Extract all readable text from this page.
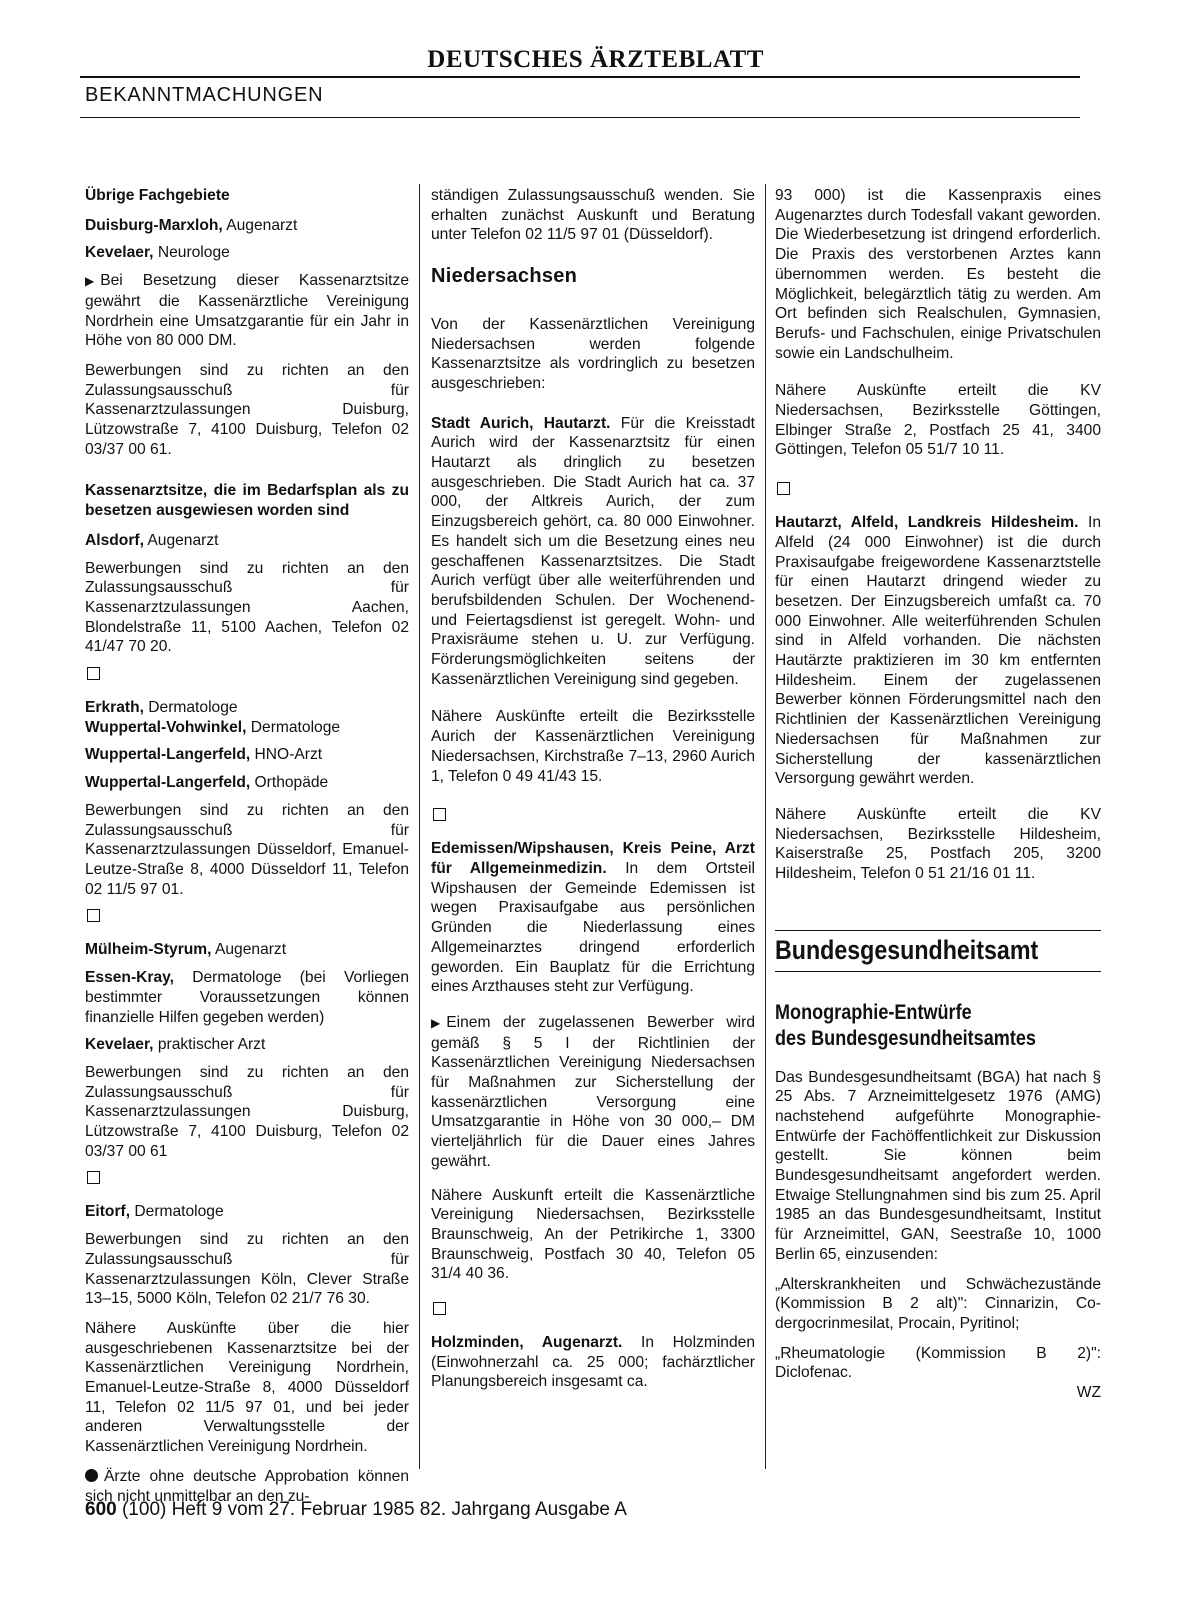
DEUTSCHES ÄRZTEBLATT
BEKANNTMACHUNGEN

Übrige Fachgebiete

Duisburg-Marxloh, Augenarzt

Kevelaer, Neurologe

▶ Bei Besetzung dieser Kassenarztsitze gewährt die Kassenärztliche Vereinigung Nordrhein eine Umsatzgarantie für ein Jahr in Höhe von 80 000 DM.

Bewerbungen sind zu richten an den Zulassungsausschuß für Kassenarztzulassungen Duisburg, Lützowstraße 7, 4100 Duisburg, Telefon 02 03/37 00 61.

Kassenarztsitze, die im Bedarfsplan als zu besetzen ausgewiesen worden sind

Alsdorf, Augenarzt

Bewerbungen sind zu richten an den Zulassungsausschuß für Kassenarztzulassungen Aachen, Blondelstraße 11, 5100 Aachen, Telefon 02 41/47 70 20.

Erkrath, Dermatologe

Wuppertal-Vohwinkel, Dermatologe

Wuppertal-Langerfeld, HNO-Arzt

Wuppertal-Langerfeld, Orthopäde

Bewerbungen sind zu richten an den Zulassungsausschuß für Kassenarztzulassungen Düsseldorf, Emanuel-Leutze-Straße 8, 4000 Düsseldorf 11, Telefon 02 11/5 97 01.

Mülheim-Styrum, Augenarzt

Essen-Kray, Dermatologe (bei Vorliegen bestimmter Voraussetzungen können finanzielle Hilfen gegeben werden)

Kevelaer, praktischer Arzt

Bewerbungen sind zu richten an den Zulassungsausschuß für Kassenarztzulassungen Duisburg, Lützowstraße 7, 4100 Duisburg, Telefon 02 03/37 00 61

Eitorf, Dermatologe

Bewerbungen sind zu richten an den Zulassungsausschuß für Kassenarztzulassungen Köln, Clever Straße 13–15, 5000 Köln, Telefon 02 21/7 76 30.

Nähere Auskünfte über die hier ausgeschriebenen Kassenarztsitze bei der Kassenärztlichen Vereinigung Nordrhein, Emanuel-Leutze-Straße 8, 4000 Düsseldorf 11, Telefon 02 11/5 97 01, und bei jeder anderen Verwaltungsstelle der Kassenärztlichen Vereinigung Nordrhein.

Ärzte ohne deutsche Approbation können sich nicht unmittelbar an den zu-

ständigen Zulassungsausschuß wenden. Sie erhalten zunächst Auskunft und Beratung unter Telefon 02 11/5 97 01 (Düsseldorf).

Niedersachsen

Von der Kassenärztlichen Vereinigung Niedersachsen werden folgende Kassenarztsitze als vordringlich zu besetzen ausgeschrieben:

Stadt Aurich, Hautarzt. Für die Kreisstadt Aurich wird der Kassenarztsitz für einen Hautarzt als dringlich zu besetzen ausgeschrieben. Die Stadt Aurich hat ca. 37 000, der Altkreis Aurich, der zum Einzugsbereich gehört, ca. 80 000 Einwohner. Es handelt sich um die Besetzung eines neu geschaffenen Kassenarztsitzes. Die Stadt Aurich verfügt über alle weiterführenden und berufsbildenden Schulen. Der Wochenend- und Feiertagsdienst ist geregelt. Wohn- und Praxisräume stehen u. U. zur Verfügung. Förderungsmöglichkeiten seitens der Kassenärztlichen Vereinigung sind gegeben.

Nähere Auskünfte erteilt die Bezirksstelle Aurich der Kassenärztlichen Vereinigung Niedersachsen, Kirchstraße 7–13, 2960 Aurich 1, Telefon 0 49 41/43 15.

Edemissen/Wipshausen, Kreis Peine, Arzt für Allgemeinmedizin. In dem Ortsteil Wipshausen der Gemeinde Edemissen ist wegen Praxisaufgabe aus persönlichen Gründen die Niederlassung eines Allgemeinarztes dringend erforderlich geworden. Ein Bauplatz für die Errichtung eines Arzthauses steht zur Verfügung.

▶ Einem der zugelassenen Bewerber wird gemäß § 5 I der Richtlinien der Kassenärztlichen Vereinigung Niedersachsen für Maßnahmen zur Sicherstellung der kassenärztlichen Versorgung eine Umsatzgarantie in Höhe von 30 000,– DM vierteljährlich für die Dauer eines Jahres gewährt.

Nähere Auskunft erteilt die Kassenärztliche Vereinigung Niedersachsen, Bezirksstelle Braunschweig, An der Petrikirche 1, 3300 Braunschweig, Postfach 30 40, Telefon 05 31/4 40 36.

Holzminden, Augenarzt. In Holzminden (Einwohnerzahl ca. 25 000; fachärztlicher Planungsbereich insgesamt ca.

93 000) ist die Kassenpraxis eines Augenarztes durch Todesfall vakant geworden. Die Wiederbesetzung ist dringend erforderlich. Die Praxis des verstorbenen Arztes kann übernommen werden. Es besteht die Möglichkeit, belegärztlich tätig zu werden. Am Ort befinden sich Realschulen, Gymnasien, Berufs- und Fachschulen, einige Privatschulen sowie ein Landschulheim.

Nähere Auskünfte erteilt die KV Niedersachsen, Bezirksstelle Göttingen, Elbinger Straße 2, Postfach 25 41, 3400 Göttingen, Telefon 05 51/7 10 11.

Hautarzt, Alfeld, Landkreis Hildesheim. In Alfeld (24 000 Einwohner) ist die durch Praxisaufgabe freigewordene Kassenarztstelle für einen Hautarzt dringend wieder zu besetzen. Der Einzugsbereich umfaßt ca. 70 000 Einwohner. Alle weiterführenden Schulen sind in Alfeld vorhanden. Die nächsten Hautärzte praktizieren im 30 km entfernten Hildesheim. Einem der zugelassenen Bewerber können Förderungsmittel nach den Richtlinien der Kassenärztlichen Vereinigung Niedersachsen für Maßnahmen zur Sicherstellung der kassenärztlichen Versorgung gewährt werden.

Nähere Auskünfte erteilt die KV Niedersachsen, Bezirksstelle Hildesheim, Kaiserstraße 25, Postfach 205, 3200 Hildesheim, Telefon 0 51 21/16 01 11.

Bundesgesundheitsamt
Monographie-Entwürfe
des Bundesgesundheitsamtes

Das Bundesgesundheitsamt (BGA) hat nach § 25 Abs. 7 Arzneimittelgesetz 1976 (AMG) nachstehend aufgeführte Monographie-Entwürfe der Fachöffentlichkeit zur Diskussion gestellt. Sie können beim Bundesgesundheitsamt angefordert werden. Etwaige Stellungnahmen sind bis zum 25. April 1985 an das Bundesgesundheitsamt, Institut für Arzneimittel, GAN, Seestraße 10, 1000 Berlin 65, einzusenden:

„Alterskrankheiten und Schwächezustände (Kommission B 2 alt)": Cinnarizin, Co-dergocrinmesilat, Procain, Pyritinol;

„Rheumatologie (Kommission B 2)": Diclofenac.

WZ
600 (100) Heft 9 vom 27. Februar 1985 82. Jahrgang Ausgabe A
